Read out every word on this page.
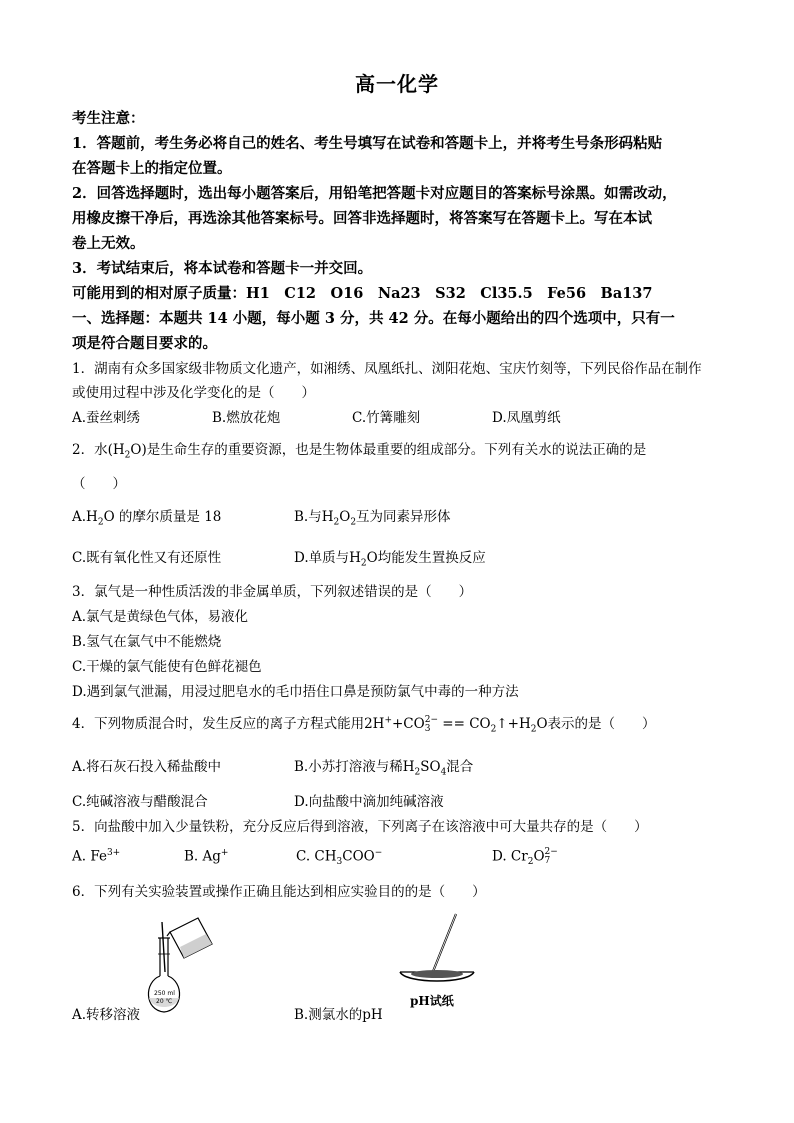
高一化学
考生注意：
1．答题前，考生务必将自己的姓名、考生号填写在试卷和答题卡上，并将考生号条形码粘贴
在答题卡上的指定位置。
2．回答选择题时，选出每小题答案后，用铅笔把答题卡对应题目的答案标号涂黑。如需改动，
用橡皮擦干净后，再选涂其他答案标号。回答非选择题时，将答案写在答题卡上。写在本试
卷上无效。
3．考试结束后，将本试卷和答题卡一并交回。
可能用到的相对原子质量：H1　C12　O16　Na23　S32　Cl35.5　Fe56　Ba137
一、选择题：本题共 14 小题，每小题 3 分，共 42 分。在每小题给出的四个选项中，只有一
项是符合题目要求的。
1．湖南有众多国家级非物质文化遗产，如湘绣、凤凰纸扎、浏阳花炮、宝庆竹刻等，下列民俗作品在制作
或使用过程中涉及化学变化的是（　　）
A.蚕丝刺绣	B.燃放花炮	C.竹篝雕刻	D.凤凰剪纸
2．水$(H_2O)$是生命生存的重要资源，也是生物体最重要的组成部分。下列有关水的说法正确的是
（　　）
$A.H_2O$ 的摩尔质量是 18	B.与$H_2O_2$互为同素异形体
C.既有氧化性又有还原性	D.单质与$H_2O$均能发生置换反应
3．氯气是一种性质活泼的非金属单质，下列叙述错误的是（　　）
A.氯气是黄绿色气体，易液化
B.氢气在氯气中不能燃烧
C.干燥的氯气能使有色鲜花褪色
D.遇到氯气泄漏，用浸过肥皂水的毛巾捂住口鼻是预防氯气中毒的一种方法
4．下列物质混合时，发生反应的离子方程式能用2H++CO 2−
$3 == CO_2↑+H_2O$表示的是（　　）
A.将石灰石投入稀盐酸中	B.小苏打溶液与稀$H_2SO_4$混合
C.纯碱溶液与醋酸混合	D.向盐酸中滴加纯碱溶液
5．向盐酸中加入少量铁粉，充分反应后得到溶液，下列离子在该溶液中可大量共存的是（　　）
A. $Fe^{3+}$	B. Ag+	C. $CH_3COO^-$	D. $Cr_2O$ 2−
7
6．下列有关实验装置或操作正确且能达到相应实验目的的是（　　）
250 ml
20 ℃
A.转移溶液
pH试纸
B.测氯水的pH
